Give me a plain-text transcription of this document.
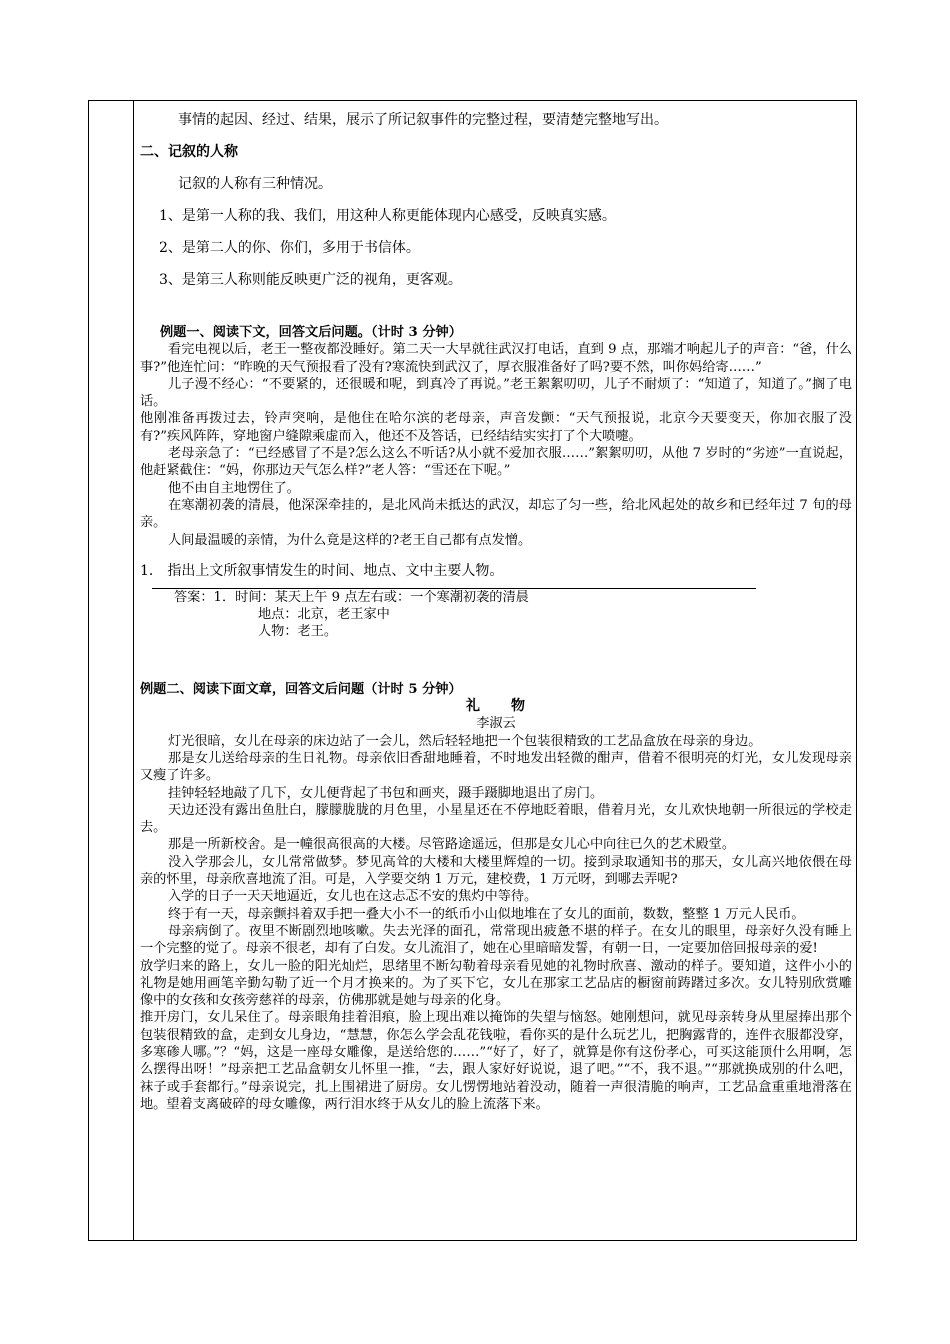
事情的起因、经过、结果，展示了所记叙事件的完整过程，要清楚完整地写出。

二、记叙的人称

记叙的人称有三种情况。

1、是第一人称的我、我们，用这种人称更能体现内心感受，反映真实感。

2、是第二人的你、你们，多用于书信体。

3、是第三人称则能反映更广泛的视角，更客观。

例题一、阅读下文，回答文后问题。（计时 3 分钟）

看完电视以后，老王一整夜都没睡好。第二天一大早就往武汉打电话，直到 9 点，那端才响起儿子的声音：“爸，什么事?”他连忙问：“昨晚的天气预报看了没有?寒流快到武汉了，厚衣服准备好了吗?要不然，叫你妈给寄……”

儿子漫不经心：“不要紧的，还很暖和呢，到真冷了再说。”老王絮絮叨叨，儿子不耐烦了：“知道了，知道了。”搁了电话。

他刚准备再拨过去，铃声突响，是他住在哈尔滨的老母亲，声音发颤：“天气预报说，北京今天要变天，你加衣服了没有?”疾风阵阵，穿地窗户缝隙乘虚而入，他还不及答话，已经结结实实打了个大喷嚏。

老母亲急了：“已经感冒了不是?怎么这么不听话?从小就不爱加衣服……”絮絮叨叨，从他 7 岁时的“劣迹”一直说起，他赶紧截住：“妈，你那边天气怎么样?”老人答：“雪还在下呢。”

他不由自主地愣住了。

在寒潮初袭的清晨，他深深牵挂的，是北风尚未抵达的武汉，却忘了匀一些，给北风起处的故乡和已经年过 7 旬的母亲。

人间最温暖的亲情，为什么竟是这样的?老王自己都有点发憎。

1． 指出上文所叙事情发生的时间、地点、文中主要人物。

答案：1．时间：某天上午 9 点左右或：一个寒潮初袭的清晨

地点：北京，老王家中

人物：老王。

例题二、阅读下面文章，回答文后问题（计时 5 分钟）

礼　　物

李淑云

灯光很暗，女儿在母亲的床边站了一会儿，然后轻轻地把一个包装很精致的工艺品盒放在母亲的身边。

那是女儿送给母亲的生日礼物。母亲依旧香甜地睡着，不时地发出轻微的酣声，借着不很明亮的灯光，女儿发现母亲又瘦了许多。

挂钟轻轻地敲了几下，女儿便背起了书包和画夹，蹑手蹑脚地退出了房门。

天边还没有露出鱼肚白，朦朦胧胧的月色里，小星星还在不停地眨着眼，借着月光，女儿欢快地朝一所很远的学校走去。

那是一所新校舍。是一幢很高很高的大楼。尽管路途遥远，但那是女儿心中向往已久的艺术殿堂。

没入学那会儿，女儿常常做梦。梦见高耸的大楼和大楼里辉煌的一切。接到录取通知书的那天，女儿高兴地依偎在母亲的怀里，母亲欣喜地流了泪。可是，入学要交纳 1 万元，建校费，1 万元呀，到哪去弄呢?

入学的日子一天天地逼近，女儿也在这忐忑不安的焦灼中等待。

终于有一天，母亲颤抖着双手把一叠大小不一的纸币小山似地堆在了女儿的面前，数数，整整 1 万元人民币。

母亲病倒了。夜里不断剧烈地咳嗽。失去光泽的面孔，常常现出疲惫不堪的样子。在女儿的眼里，母亲好久没有睡上一个完整的觉了。母亲不很老，却有了白发。女儿流泪了，她在心里暗暗发誓，有朝一日，一定要加倍回报母亲的爱!

放学归来的路上，女儿一脸的阳光灿烂，思绪里不断勾勒着母亲看见她的礼物时欣喜、激动的样子。要知道，这件小小的礼物是她用画笔辛勤勾勒了近一个月才换来的。为了买下它，女儿在那家工艺品店的橱窗前踌躇过多次。女儿特别欣赏雕像中的女孩和女孩旁慈祥的母亲，仿佛那就是她与母亲的化身。

推开房门，女儿呆住了。母亲眼角挂着泪痕，脸上现出难以掩饰的失望与恼怒。她刚想问，就见母亲转身从里屋捧出那个包装很精致的盒，走到女儿身边，“慧慧，你怎么学会乱花钱啦，看你买的是什么玩艺儿，把胸露背的，连件衣服都没穿，多寒碜人哪。”？“妈，这是一座母女雕像，是送给您的……”“好了，好了，就算是你有这份孝心，可买这能顶什么用啊，怎么摆得出呀！”母亲把工艺品盒朝女儿怀里一推，“去，跟人家好好说说，退了吧。”“不，我不退。”“那就换成别的什么吧，袜子或手套都行。”母亲说完，扎上围裙进了厨房。女儿愣愣地站着没动，随着一声很清脆的响声，工艺品盒重重地滑落在地。望着支离破碎的母女雕像，两行泪水终于从女儿的脸上流落下来。
